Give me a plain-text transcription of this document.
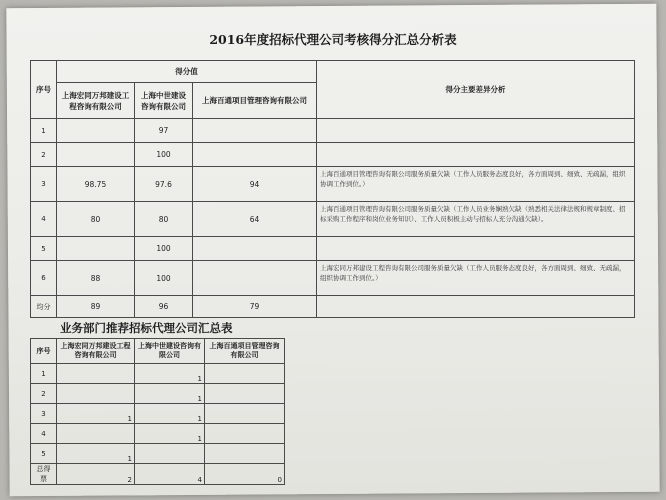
2016年度招标代理公司考核得分汇总分析表
序号	得分值			得分主要差异分析
	上海宏同万邦建设工程咨询有限公司	上海中世建设咨询有限公司	上海百通项目管理咨询有限公司	
1		97		
2		100		
3	98.75	97.6	94	上海百通项目管理咨询有限公司服务质量欠缺（工作人员服务态度良好，各方面周到、细致、无疏漏，组织协调工作到位。）
4	80	80	64	上海百通项目管理咨询有限公司服务质量欠缺（工作人员业务娴熟欠缺（熟悉相关法律法规和规章制度、招标采购工作程序和岗位业务知识）、工作人员积极主动与招标人充分沟通欠缺）。
5		100		
6	88	100		上海宏同万邦建设工程咨询有限公司服务质量欠缺（工作人员服务态度良好，各方面周到、细致、无疏漏，组织协调工作到位。）
均分	89	96	79	
业务部门推荐招标代理公司汇总表
序号	上海宏同万邦建设工程咨询有限公司	上海中世建设咨询有限公司	上海百通项目管理咨询有限公司
1		1	
2		1	
3	1	1	
4		1	
5	1		
总得票	2	4	0
